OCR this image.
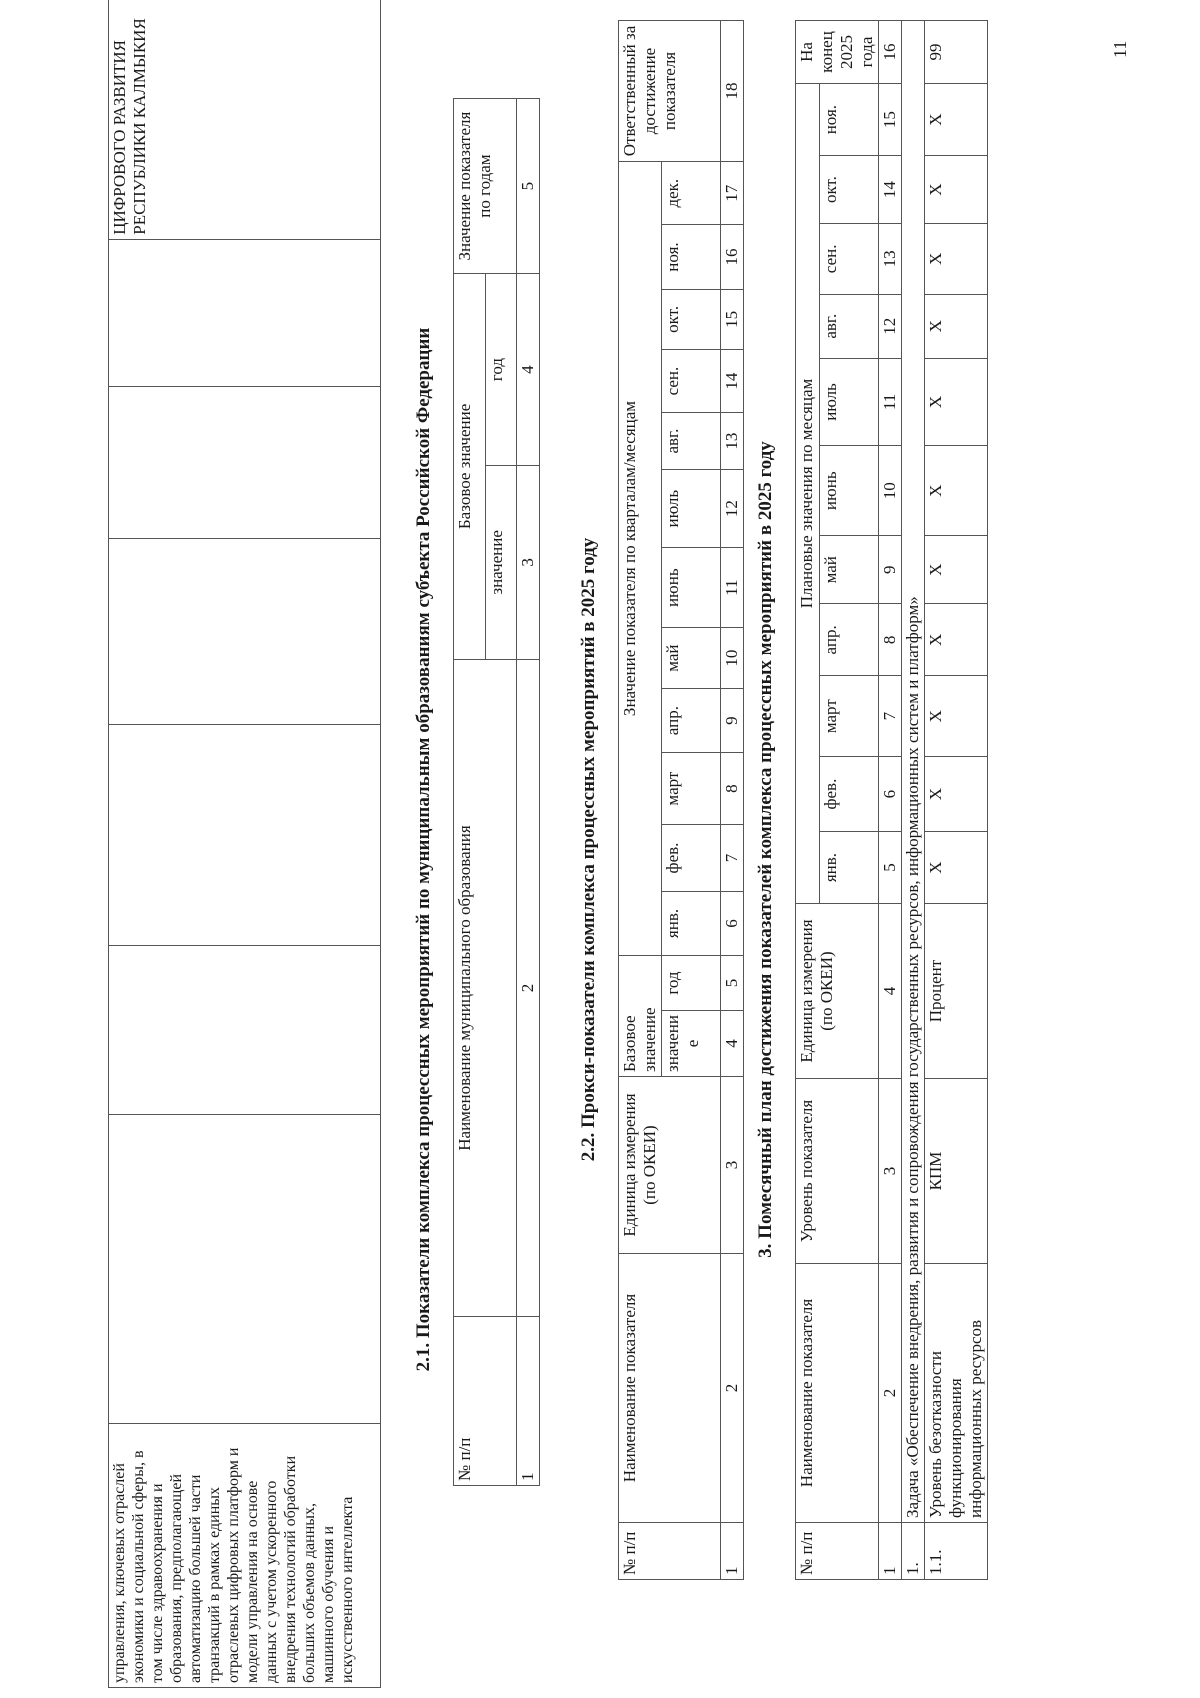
управления, ключевых отраслей экономики и социальной сферы, в том числе здравоохранения и образования, предполагающей автоматизацию большей части транзакций в рамках единых отраслевых цифровых платформ и модели управления на основе данных с учетом ускоренного внедрения технологий обработки больших объемов данных, машинного обучения и искусственного интеллекта							ЦИФРОВОГО РАЗВИТИЯ РЕСПУБЛИКИ КАЛМЫКИЯ
2.1. Показатели комплекса процессных мероприятий по муниципальным образованиям субъекта Российской Федерации
№ п/п	Наименование муниципального образования	Базовое значение		Значение показателя по годам
		значение	год	
1	2	3	4	5
2.2. Прокси-показатели комплекса процессных мероприятий в 2025 году
№ п/п	Наименование показателя	Единица измерения (по ОКЕИ)	Базовое значение		Значение показателя по кварталам/месяцам												Ответственный за достижение показателя
			значени е	год	янв.	фев.	март	апр.	май	июнь	июль	авг.	сен.	окт.	ноя.	дек.	
1	2	3	4	5	6	7	8	9	10	11	12	13	14	15	16	17	18
3. Помесячный план достижения показателей комплекса процессных мероприятий в 2025 году
№ п/п	Наименование показателя	Уровень показателя	Единица измерения (по ОКЕИ)	Плановые значения по месяцам											На конец 2025 года
				янв.	фев.	март	апр.	май	июнь	июль	авг.	сен.	окт.	ноя.	
1	2	3	4	5	6	7	8	9	10	11	12	13	14	15	16
1.	Задача «Обеспечение внедрения, развития и сопровождения государственных ресурсов, информационных систем и платформ»														
1.1.	Уровень безотказности функционирования информационных ресурсов	КПМ	Процент	X	X	X	X	X	X	X	X	X	X	X	99	11
